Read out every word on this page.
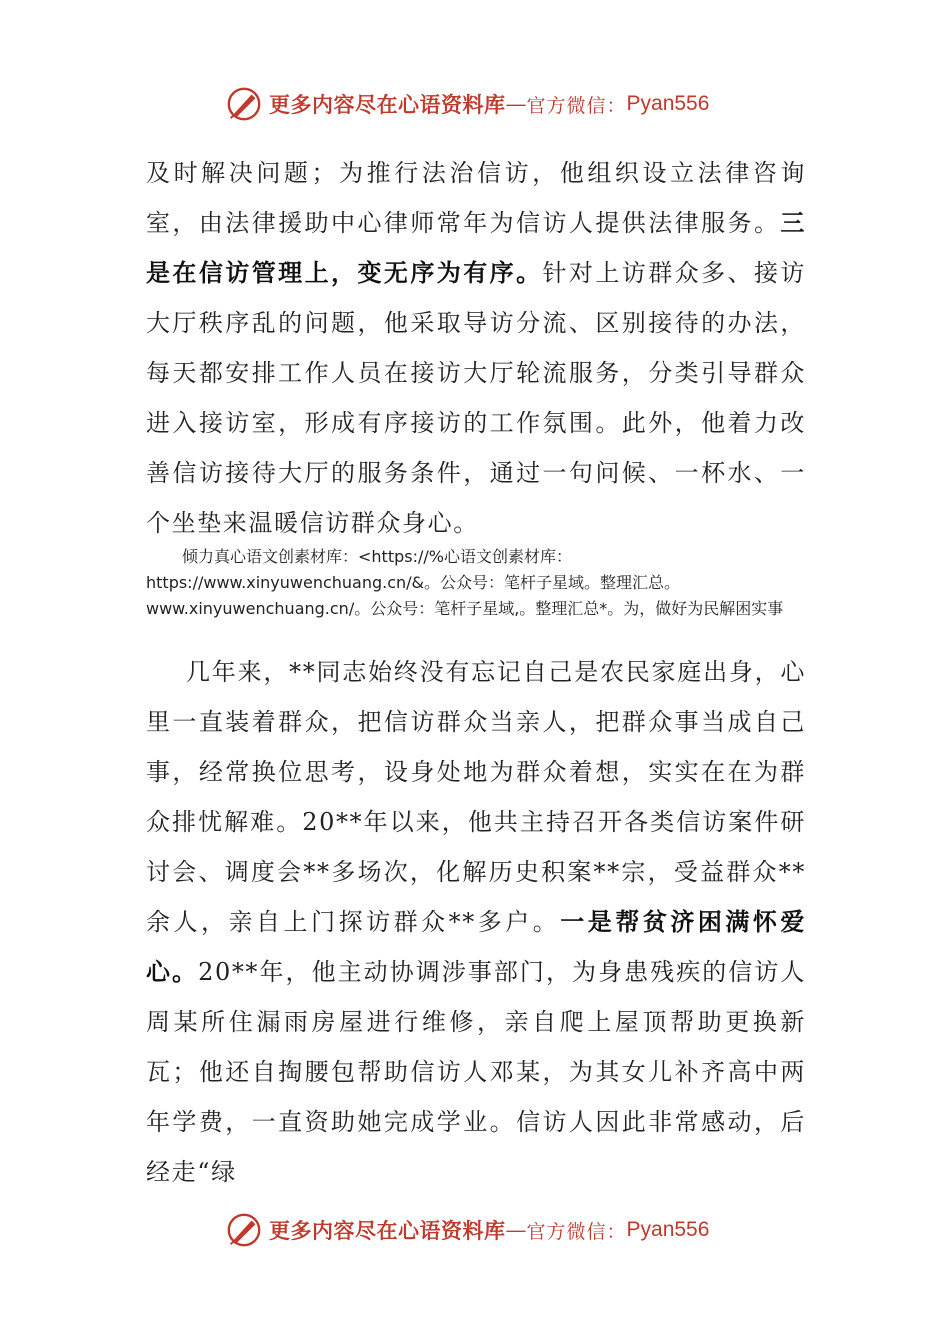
更多内容尽在心语资料库 — 官方微信： Pyan556

及时解决问题；为推行法治信访，他组织设立法律咨询室，由法律援助中心律师常年为信访人提供法律服务。三是在信访管理上，变无序为有序。针对上访群众多、接访大厅秩序乱的问题，他采取导访分流、区别接待的办法，每天都安排工作人员在接访大厅轮流服务，分类引导群众进入接访室，形成有序接访的工作氛围。此外，他着力改善信访接待大厅的服务条件，通过一句问候、一杯水、一个坐垫来温暖信访群众身心。

倾力真心语文创素材库：<https://%心语文创素材库：https://www.xinyuwenchuang.cn/&。公众号：笔杆子星域。整理汇总。www.xinyuwenchuang.cn/。公众号：笔杆子星域,。整理汇总*。为，做好为民解困实事

几年来，**同志始终没有忘记自己是农民家庭出身，心里一直装着群众，把信访群众当亲人，把群众事当成自己事，经常换位思考，设身处地为群众着想，实实在在为群众排忧解难。20**年以来，他共主持召开各类信访案件研讨会、调度会**多场次，化解历史积案**宗，受益群众**余人，亲自上门探访群众**多户。一是帮贫济困满怀爱心。20**年，他主动协调涉事部门，为身患残疾的信访人周某所住漏雨房屋进行维修，亲自爬上屋顶帮助更换新瓦；他还自掏腰包帮助信访人邓某，为其女儿补齐高中两年学费，一直资助她完成学业。信访人因此非常感动，后经走“绿

更多内容尽在心语资料库 — 官方微信： Pyan556
